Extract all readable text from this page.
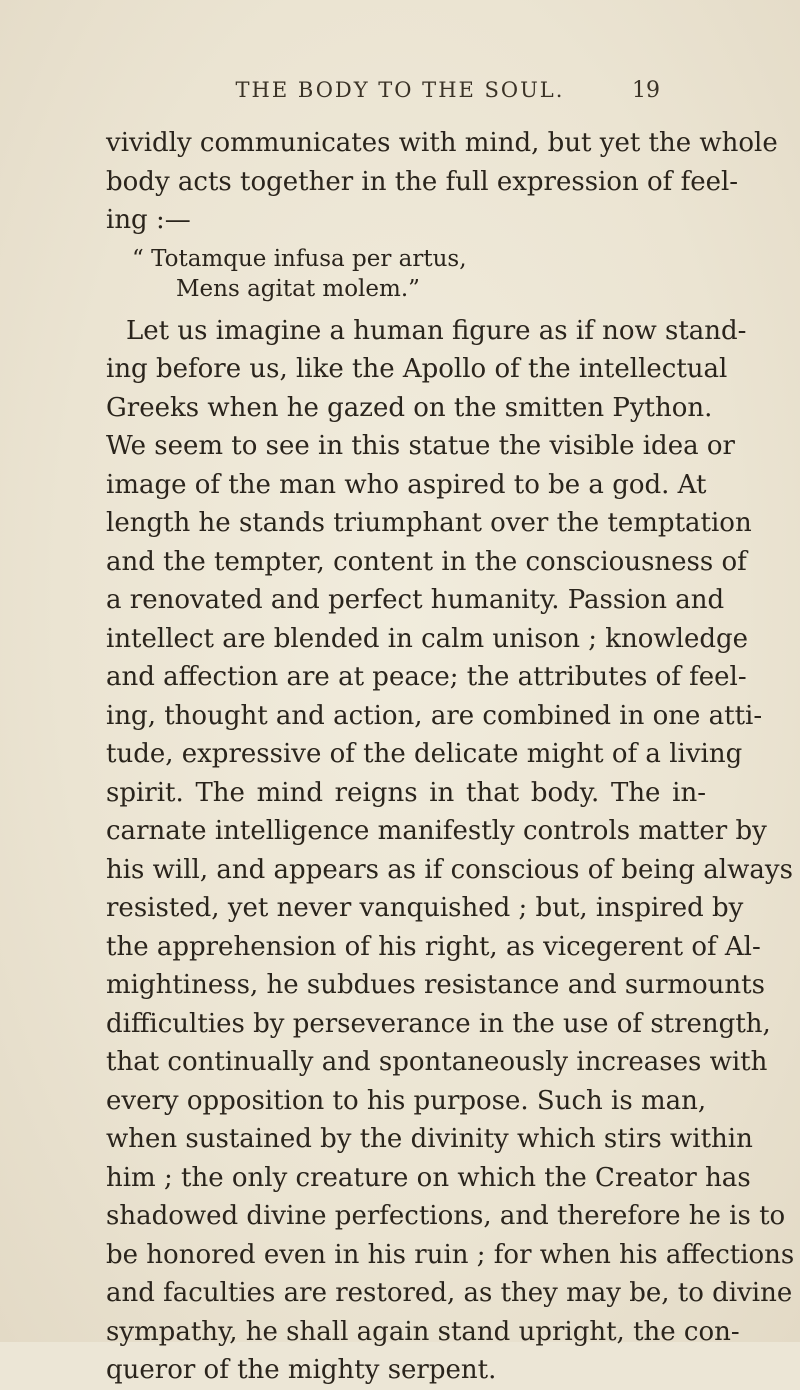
THE BODY TO THE SOUL.	19
vividly communicates with mind, but yet the whole
body acts together in the full expression of feel-
ing :—
“ Totamque infusa per artus,
Mens agitat molem.”
Let us imagine a human figure as if now stand-
ing before us, like the Apollo of the intellectual
Greeks when he gazed on the smitten Python.
We seem to see in this statue the visible idea or
image of the man who aspired to be a god. At
length he stands triumphant over the temptation
and the tempter, content in the consciousness of
a renovated and perfect humanity. Passion and
intellect are blended in calm unison ; knowledge
and affection are at peace; the attributes of feel-
ing, thought and action, are combined in one atti-
tude, expressive of the delicate might of a living
spirit. The mind reigns in that body. The in-
carnate intelligence manifestly controls matter by
his will, and appears as if conscious of being always
resisted, yet never vanquished ; but, inspired by
the apprehension of his right, as vicegerent of Al-
mightiness, he subdues resistance and surmounts
difficulties by perseverance in the use of strength,
that continually and spontaneously increases with
every opposition to his purpose. Such is man,
when sustained by the divinity which stirs within
him ; the only creature on which the Creator has
shadowed divine perfections, and therefore he is to
be honored even in his ruin ; for when his affections
and faculties are restored, as they may be, to divine
sympathy, he shall again stand upright, the con-
queror of the mighty serpent.
